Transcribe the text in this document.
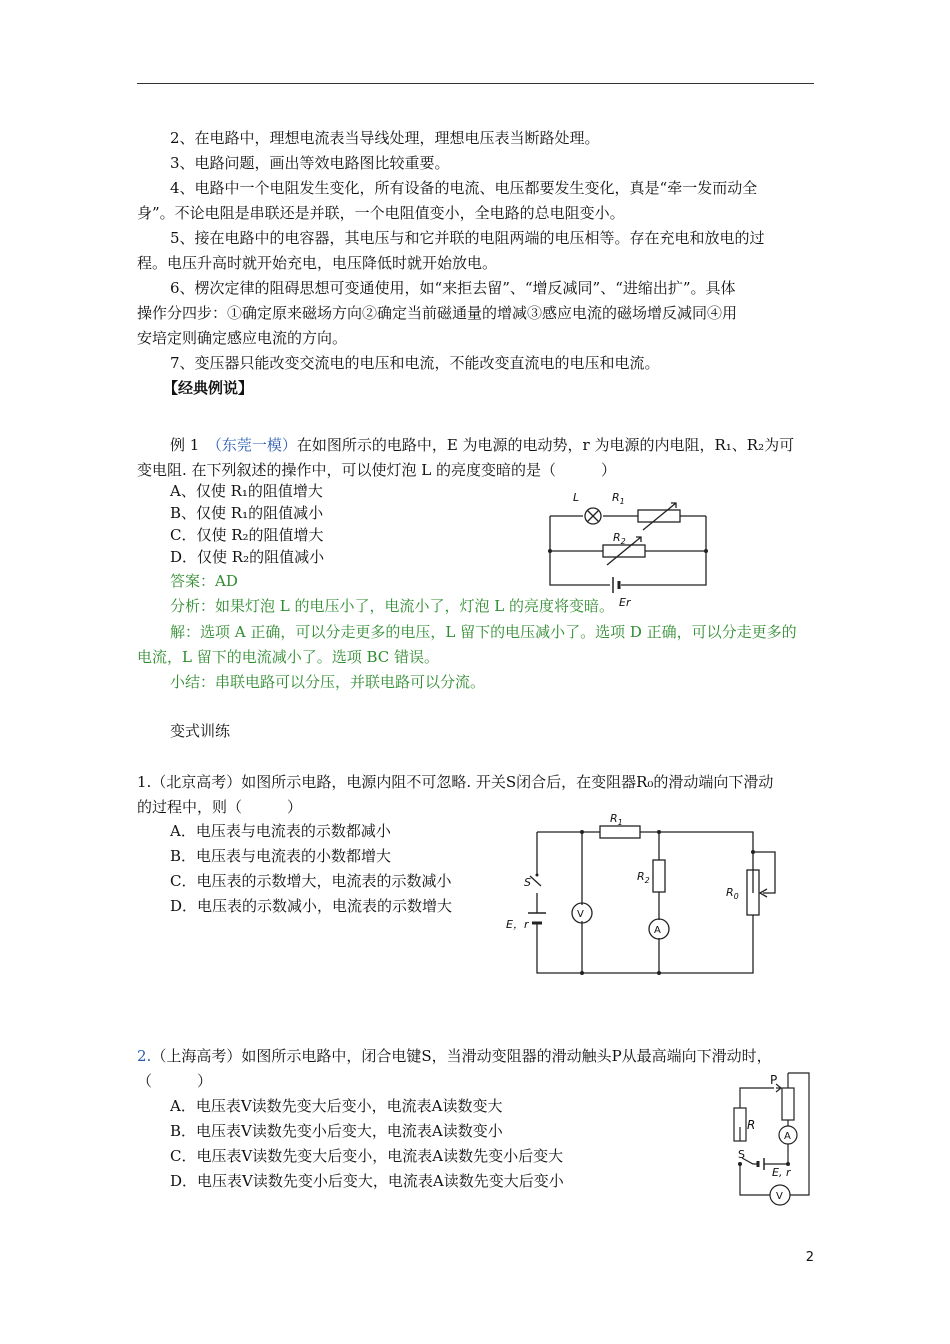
2、在电路中，理想电流表当导线处理，理想电压表当断路处理。
3、电路问题，画出等效电路图比较重要。
4、电路中一个电阻发生变化，所有设备的电流、电压都要发生变化，真是“牵一发而动全
身”。不论电阻是串联还是并联，一个电阻值变小，全电路的总电阻变小。
5、接在电路中的电容器，其电压与和它并联的电阻两端的电压相等。存在充电和放电的过
程。电压升高时就开始充电，电压降低时就开始放电。
6、楞次定律的阻碍思想可变通使用，如“来拒去留”、“增反减同”、“进缩出扩”。具体
操作分四步：①确定原来磁场方向②确定当前磁通量的增减③感应电流的磁场增反减同④用
安培定则确定感应电流的方向。
7、变压器只能改变交流电的电压和电流，不能改变直流电的电压和电流。
【经典例说】
例 1　（东莞一模）在如图所示的电路中，E 为电源的电动势，r 为电源的内电阻，R₁、R₂为可
变电阻. 在下列叙述的操作中，可以使灯泡 L 的亮度变暗的是（　　　）
A、仅使 R₁的阻值增大
B、仅使 R₁的阻值减小
C．仅使 R₂的阻值增大
D．仅使 R₂的阻值减小
答案：AD
分析：如果灯泡 L 的电压小了，电流小了，灯泡 L 的亮度将变暗。
解：选项 A 正确，可以分走更多的电压，L 留下的电压减小了。选项 D 正确，可以分走更多的
电流，L 留下的电流减小了。选项 BC 错误。
小结：串联电路可以分压，并联电路可以分流。
L	$R_1$
$R_2$
Er
变式训练
1.（北京高考）如图所示电路，电源内阻不可忽略. 开关S闭合后，在变阻器R₀的滑动端向下滑动
的过程中，则（　　　）
A．电压表与电流表的示数都减小
B．电压表与电流表的小数都增大
C．电压表的示数增大，电流表的示数减小
D．电压表的示数减小，电流表的示数增大
$R_1$
$R_2$
$R_0$
S
E，r
V
A
2.（上海高考）如图所示电路中，闭合电键S，当滑动变阻器的滑动触头P从最高端向下滑动时，
（　　　）
A．电压表V读数先变大后变小，电流表A读数变大
B．电压表V读数先变小后变大，电流表A读数变小
C．电压表V读数先变大后变小，电流表A读数先变小后变大
D．电压表V读数先变小后变大，电流表A读数先变大后变小
P
R
A
S
E, r
V
2
